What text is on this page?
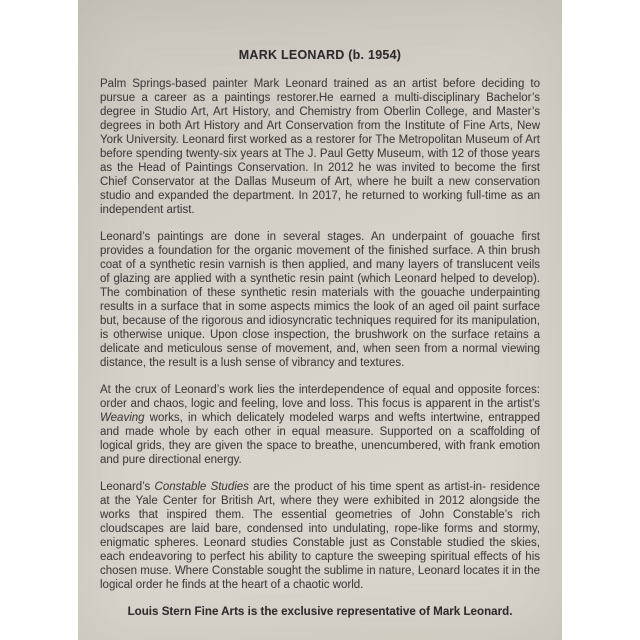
MARK LEONARD (b. 1954)

Palm Springs-based painter Mark Leonard trained as an artist before deciding to pursue a career as a paintings restorer.He earned a multi-disciplinary Bachelor’s degree in Studio Art, Art History, and Chemistry from Oberlin College, and Master’s degrees in both Art History and Art Conservation from the Institute of Fine Arts, New York University. Leonard first worked as a restorer for The Metropolitan Museum of Art before spending twenty-six years at The J. Paul Getty Museum, with 12 of those years as the Head of Paintings Conservation. In 2012 he was invited to become the first Chief Conservator at the Dallas Museum of Art, where he built a new conservation studio and expanded the department. In 2017, he returned to working full-time as an independent artist.

Leonard’s paintings are done in several stages. An underpaint of gouache first provides a foundation for the organic movement of the finished surface. A thin brush coat of a synthetic resin varnish is then applied, and many layers of translucent veils of glazing are applied with a synthetic resin paint (which Leonard helped to develop). The combination of these synthetic resin materials with the gouache underpainting results in a surface that in some aspects mimics the look of an aged oil paint surface but, because of the rigorous and idiosyncratic techniques required for its manipulation, is otherwise unique. Upon close inspection, the brushwork on the surface retains a delicate and meticulous sense of movement, and, when seen from a normal viewing distance, the result is a lush sense of vibrancy and textures.

At the crux of Leonard’s work lies the interdependence of equal and opposite forces: order and chaos, logic and feeling, love and loss. This focus is apparent in the artist’s Weaving works, in which delicately modeled warps and wefts intertwine, entrapped and made whole by each other in equal measure. Supported on a scaffolding of logical grids, they are given the space to breathe, unencumbered, with frank emotion and pure directional energy.

Leonard’s Constable Studies are the product of his time spent as artist-in- residence at the Yale Center for British Art, where they were exhibited in 2012 alongside the works that inspired them. The essential geometries of John Constable’s rich cloudscapes are laid bare, condensed into undulating, rope-like forms and stormy, enigmatic spheres. Leonard studies Constable just as Constable studied the skies, each endeavoring to perfect his ability to capture the sweeping spiritual effects of his chosen muse. Where Constable sought the sublime in nature, Leonard locates it in the logical order he finds at the heart of a chaotic world.

Louis Stern Fine Arts is the exclusive representative of Mark Leonard.
